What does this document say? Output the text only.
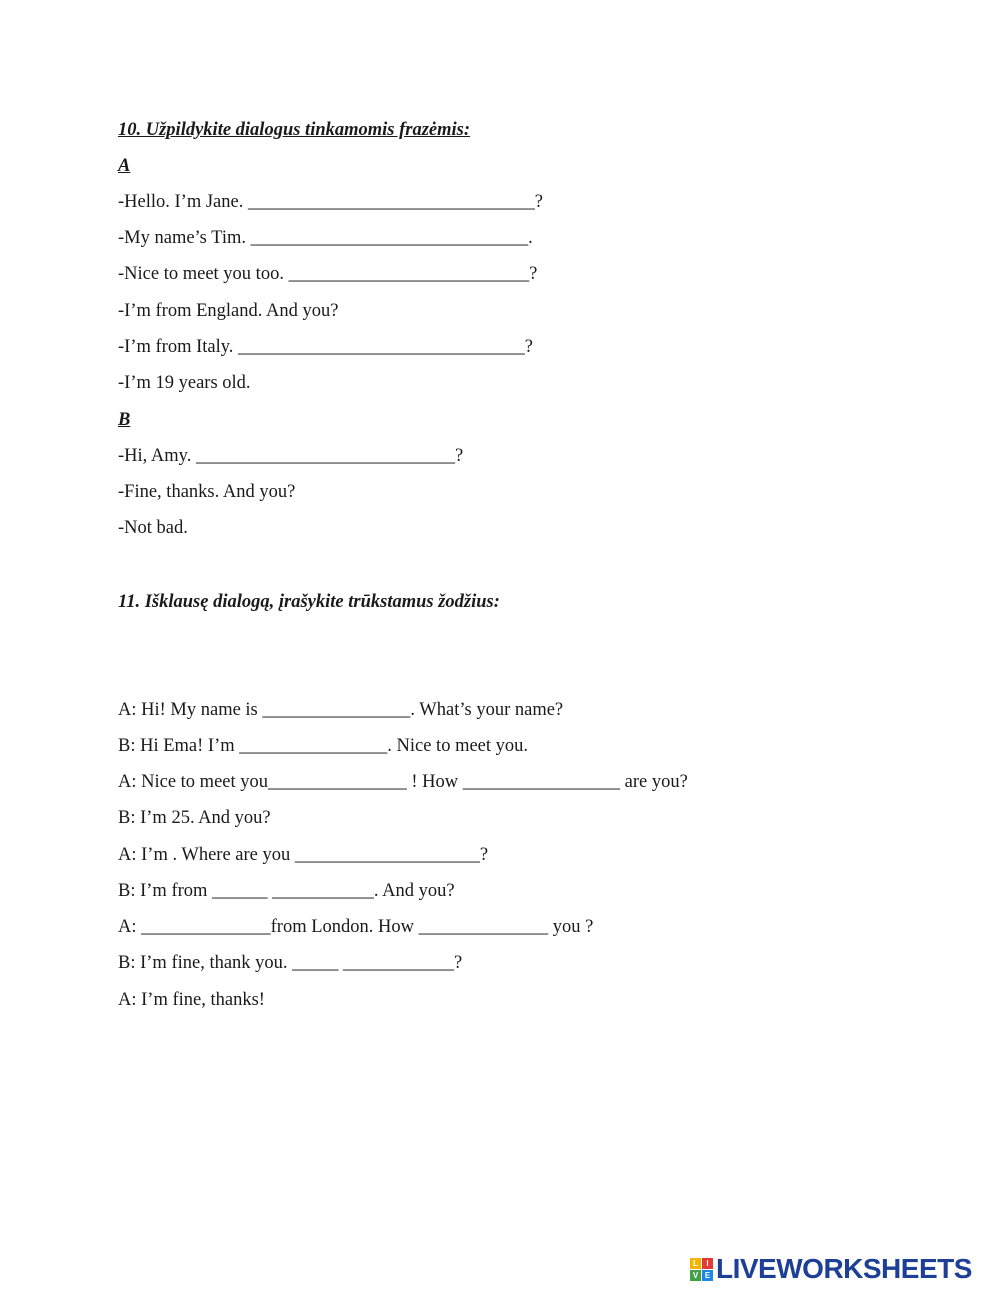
10. Užpildykite dialogus tinkamomis frazėmis:
A
-Hello. I’m Jane. _______________________________?
-My name’s Tim. ______________________________.
-Nice to meet you too. __________________________?
-I’m from England. And you?
-I’m from Italy. _______________________________?
-I’m 19 years old.
B
-Hi, Amy. ____________________________?
-Fine, thanks. And you?
-Not bad.
11. Išklausę dialogą, įrašykite trūkstamus žodžius:
A: Hi! My name is ________________. What’s your name?
B: Hi Ema! I’m ________________. Nice to meet you.
A: Nice to meet you_______________ ! How _________________ are you?
B: I’m 25. And you?
A: I’m . Where are you ____________________?
B: I’m from ______ ___________. And you?
A: ______________from London. How ______________ you ?
B: I’m fine, thank you. _____ ____________?
A: I’m fine, thanks!
L	I
V E LIVEWORKSHEETS
